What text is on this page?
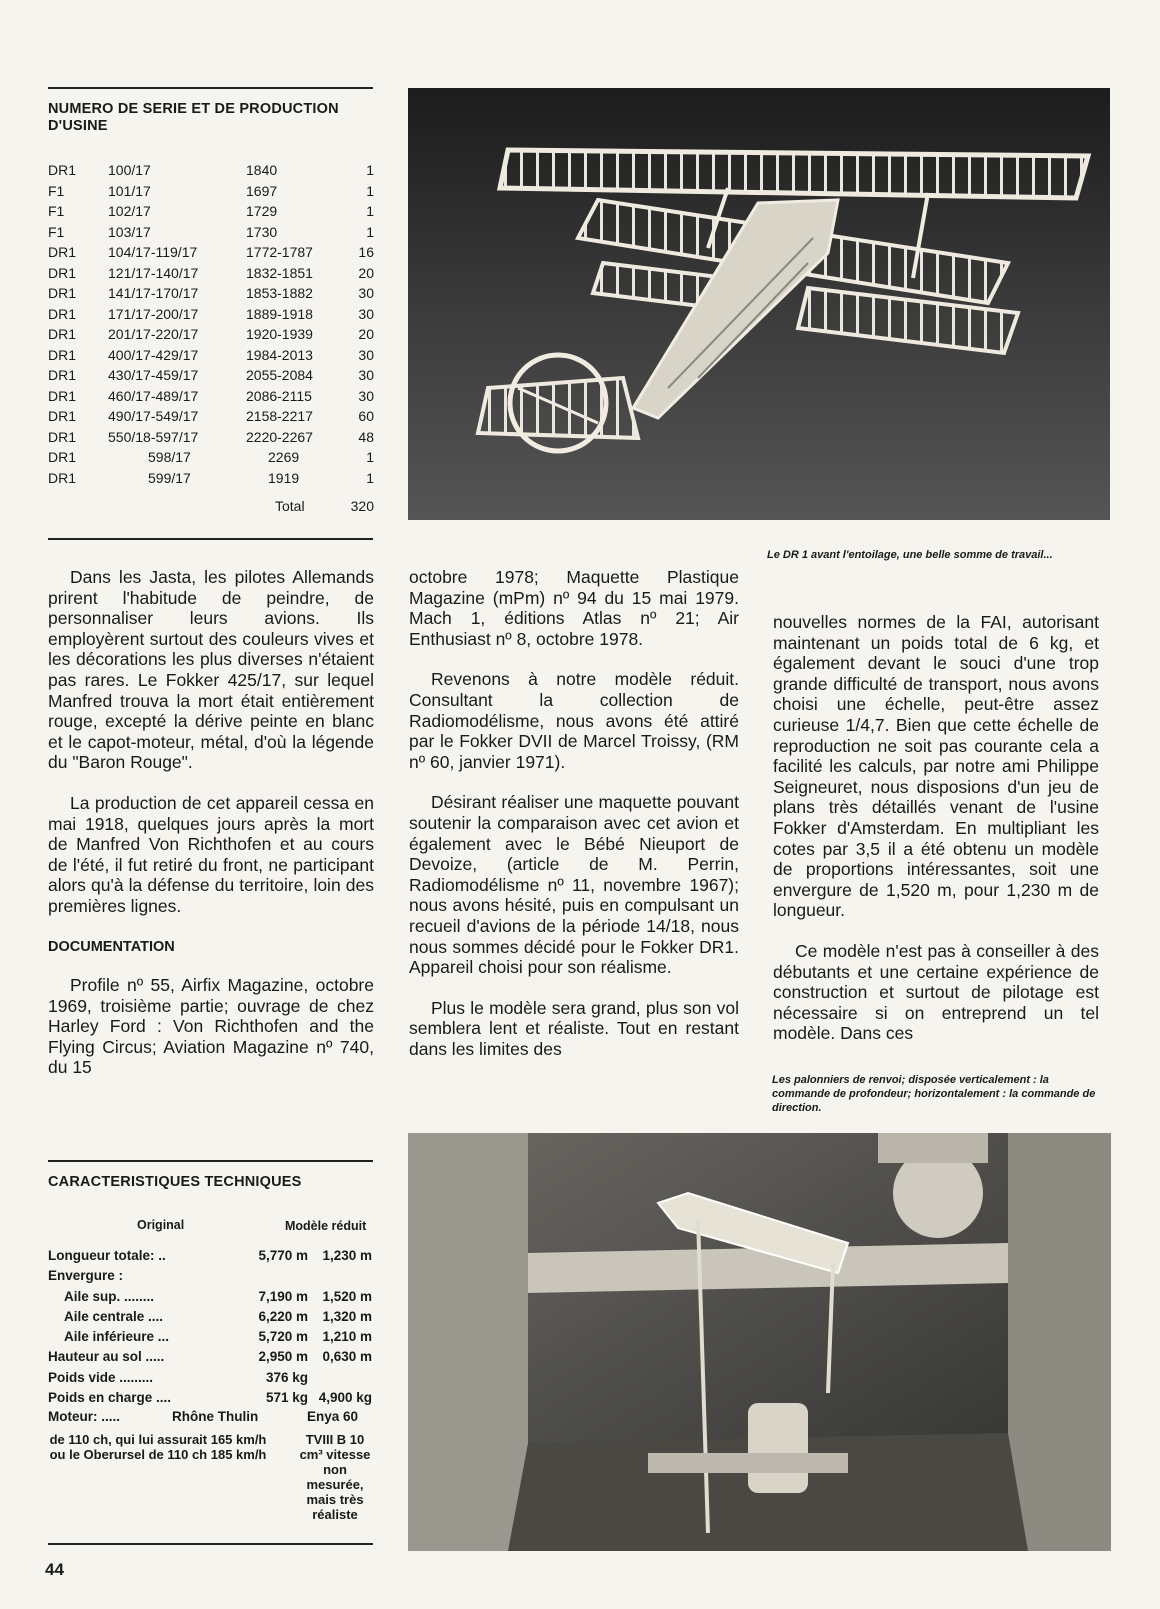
NUMERO DE SERIE ET DE PRODUCTION D'USINE
DR1	100/17	1840	1
F1	101/17	1697	1
F1	102/17	1729	1
F1	103/17	1730	1
DR1	104/17-119/17	1772-1787	16
DR1	121/17-140/17	1832-1851	20
DR1	141/17-170/17	1853-1882	30
DR1	171/17-200/17	1889-1918	30
DR1	201/17-220/17	1920-1939	20
DR1	400/17-429/17	1984-2013	30
DR1	430/17-459/17	2055-2084	30
DR1	460/17-489/17	2086-2115	30
DR1	490/17-549/17	2158-2217	60
DR1	550/18-597/17	2220-2267	48
DR1	598/17	2269	1
DR1	599/17	1919	1
Total	320

Dans les Jasta, les pilotes Allemands prirent l'habitude de peindre, de personnaliser leurs avions. Ils employèrent surtout des couleurs vives et les décorations les plus diverses n'étaient pas rares. Le Fokker 425/17, sur lequel Manfred trouva la mort était entièrement rouge, excepté la dérive peinte en blanc et le capot-moteur, métal, d'où la légende du "Baron Rouge".

La production de cet appareil cessa en mai 1918, quelques jours après la mort de Manfred Von Richthofen et au cours de l'été, il fut retiré du front, ne participant alors qu'à la défense du territoire, loin des premières lignes.

DOCUMENTATION

Profile nº 55, Airfix Magazine, octobre 1969, troisième partie; ouvrage de chez Harley Ford : Von Richthofen and the Flying Circus; Aviation Magazine nº 740, du 15

octobre 1978; Maquette Plastique Magazine (mPm) nº 94 du 15 mai 1979. Mach 1, éditions Atlas nº 21; Air Enthusiast nº 8, octobre 1978.

Revenons à notre modèle réduit. Consultant la collection de Radiomodélisme, nous avons été attiré par le Fokker DVII de Marcel Troissy, (RM nº 60, janvier 1971).

Désirant réaliser une maquette pouvant soutenir la comparaison avec cet avion et également avec le Bébé Nieuport de Devoize, (article de M. Perrin, Radiomodélisme nº 11, novembre 1967); nous avons hésité, puis en compulsant un recueil d'avions de la période 14/18, nous nous sommes décidé pour le Fokker DR1. Appareil choisi pour son réalisme.

Plus le modèle sera grand, plus son vol semblera lent et réaliste. Tout en restant dans les limites des

Le DR 1 avant l'entoilage, une belle somme de travail...

nouvelles normes de la FAI, autorisant maintenant un poids total de 6 kg, et également devant le souci d'une trop grande difficulté de transport, nous avons choisi une échelle, peut-être assez curieuse 1/4,7. Bien que cette échelle de reproduction ne soit pas courante cela a facilité les calculs, par notre ami Philippe Seigneuret, nous disposions d'un jeu de plans très détaillés venant de l'usine Fokker d'Amsterdam. En multipliant les cotes par 3,5 il a été obtenu un modèle de proportions intéressantes, soit une envergure de 1,520 m, pour 1,230 m de longueur.

Ce modèle n'est pas à conseiller à des débutants et une certaine expérience de construction et surtout de pilotage est nécessaire si on entreprend un tel modèle. Dans ces

Les palonniers de renvoi; disposée verticalement : la commande de profondeur; horizontalement : la commande de direction.
CARACTERISTIQUES TECHNIQUES
Original	Modèle réduit
Longueur totale: ..	5,770 m	1,230 m
Envergure :		
Aile sup. ........	7,190 m	1,520 m
Aile centrale ....	6,220 m	1,320 m
Aile inférieure ...	5,720 m	1,210 m
Hauteur au sol .....	2,950 m	0,630 m
Poids vide .........	376 kg	
Poids en charge ....	571 kg	4,900 kg
Moteur: .....	Rhône Thulin	Enya 60
de 110 ch, qui lui assurait 165 km/h ou le Oberursel de 110 ch 185 km/h
TVIII B 10 cm³ vitesse non mesurée, mais très réaliste
44
